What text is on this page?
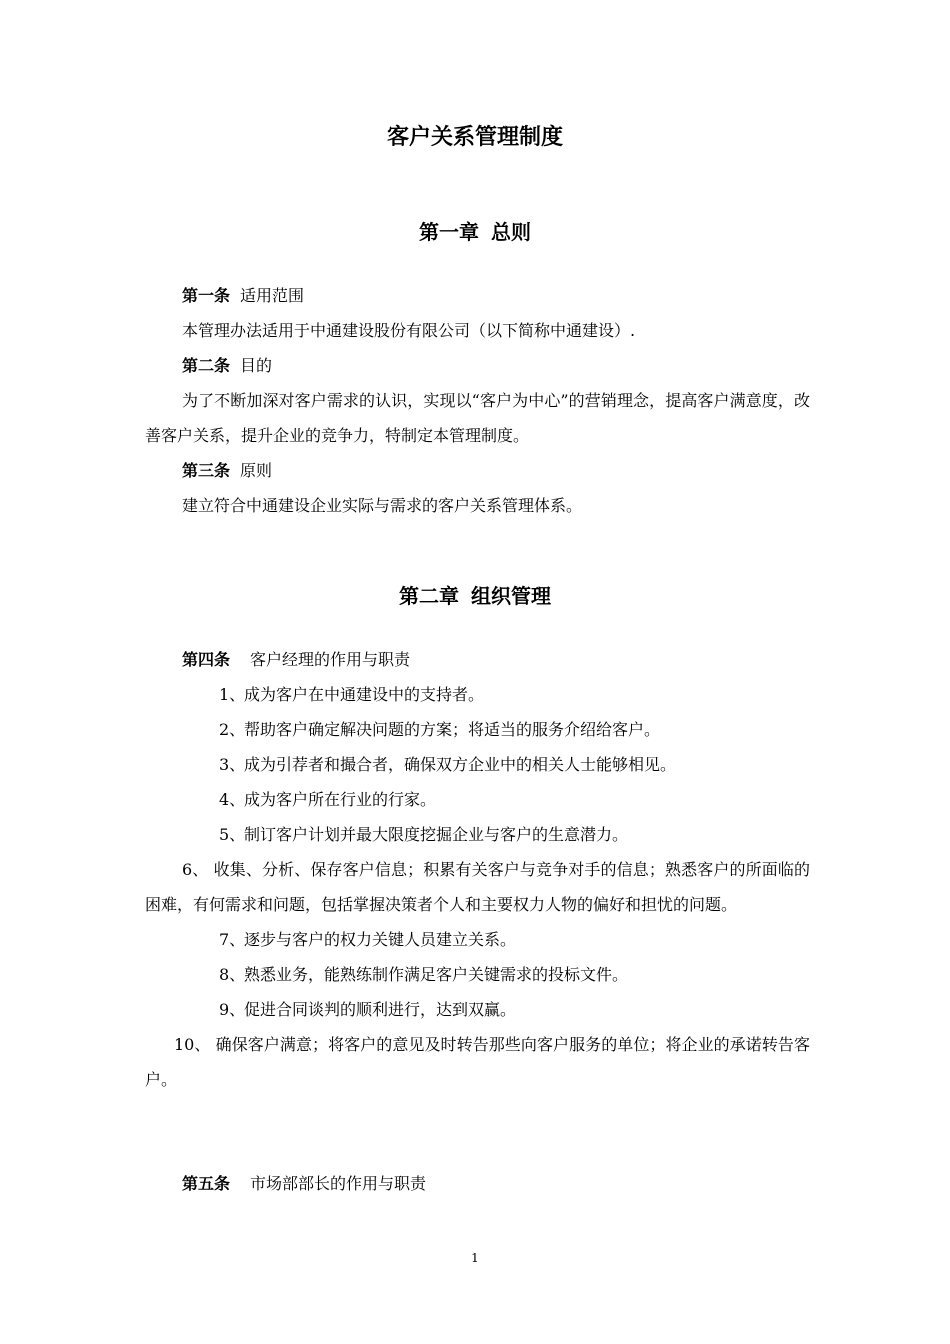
客户关系管理制度
第一章 总则

第一条 适用范围

本管理办法适用于中通建设股份有限公司（以下简称中通建设）.

第二条 目的

为了不断加深对客户需求的认识，实现以“客户为中心”的营销理念，提高客户满意度，改善客户关系，提升企业的竞争力，特制定本管理制度。

第三条 原则

建立符合中通建设企业实际与需求的客户关系管理体系。

第二章 组织管理

第四条 客户经理的作用与职责

1、成为客户在中通建设中的支持者。

2、帮助客户确定解决问题的方案；将适当的服务介绍给客户。

3、成为引荐者和撮合者，确保双方企业中的相关人士能够相见。

4、成为客户所在行业的行家。

5、制订客户计划并最大限度挖掘企业与客户的生意潜力。

6、 收集、分析、保存客户信息；积累有关客户与竞争对手的信息；熟悉客户的所面临的困难，有何需求和问题，包括掌握决策者个人和主要权力人物的偏好和担忧的问题。

7、逐步与客户的权力关键人员建立关系。

8、熟悉业务，能熟练制作满足客户关键需求的投标文件。

9、促进合同谈判的顺利进行，达到双赢。

10、 确保客户满意；将客户的意见及时转告那些向客户服务的单位；将企业的承诺转告客户。

第五条 市场部部长的作用与职责

1
